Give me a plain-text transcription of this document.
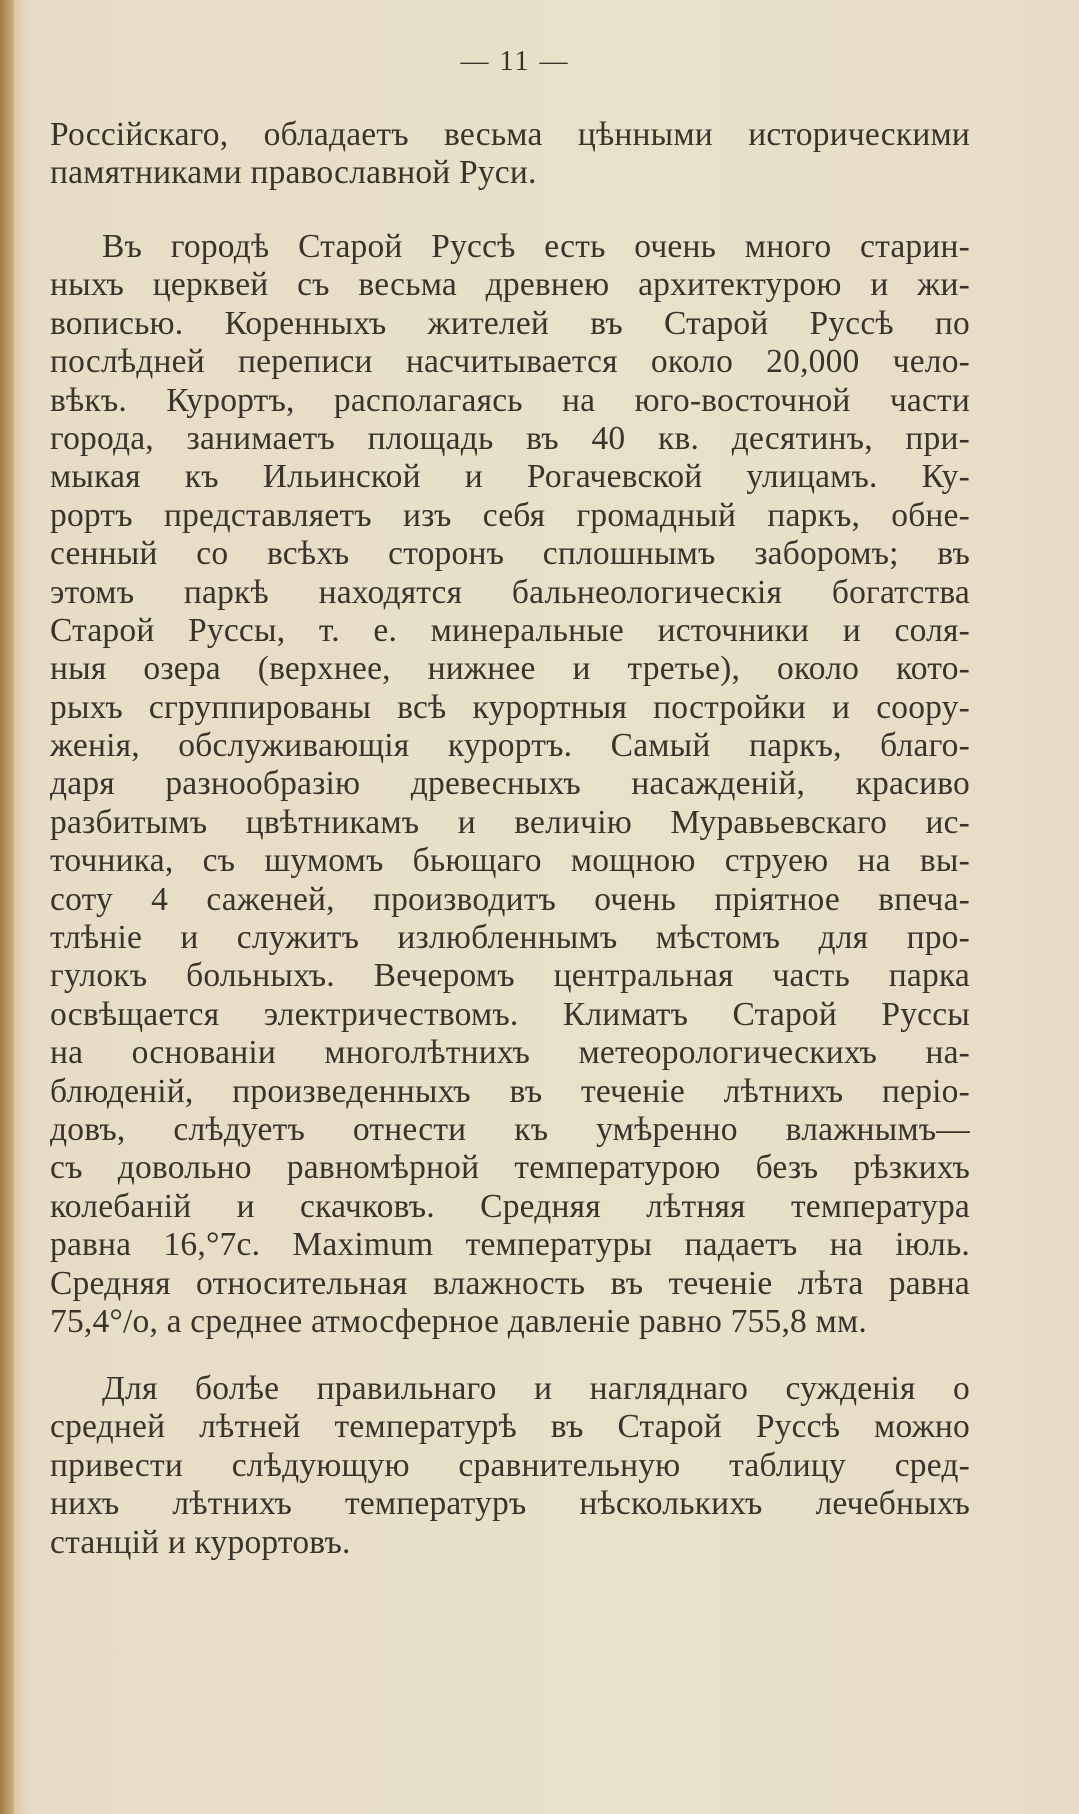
— 11 —
Россійскаго, обладаетъ весьма цѣнными историческими
памятниками православной Руси.
Въ городѣ Старой Руссѣ есть очень много старин-
ныхъ церквей съ весьма древнею архитектурою и жи-
вописью. Коренныхъ жителей въ Старой Руссѣ по
послѣдней переписи насчитывается около 20,000 чело-
вѣкъ. Курортъ, располагаясь на юго-восточной части
города, занимаетъ площадь въ 40 кв. десятинъ, при-
мыкая къ Ильинской и Рогачевской улицамъ. Ку-
рортъ представляетъ изъ себя громадный паркъ, обне-
сенный со всѣхъ сторонъ сплошнымъ заборомъ; въ
этомъ паркѣ находятся бальнеологическія богатства
Старой Руссы, т. е. минеральные источники и соля-
ныя озера (верхнее, нижнее и третье), около кото-
рыхъ сгруппированы всѣ курортныя постройки и соору-
женія, обслуживающія курортъ. Самый паркъ, благо-
даря разнообразію древесныхъ насажденій, красиво
разбитымъ цвѣтникамъ и величію Муравьевскаго ис-
точника, съ шумомъ бьющаго мощною струею на вы-
соту 4 саженей, производитъ очень пріятное впеча-
тлѣніе и служитъ излюбленнымъ мѣстомъ для про-
гулокъ больныхъ. Вечеромъ центральная часть парка
освѣщается электричествомъ. Климатъ Старой Руссы
на основаніи многолѣтнихъ метеорологическихъ на-
блюденій, произведенныхъ въ теченіе лѣтнихъ періо-
довъ, слѣдуетъ отнести къ умѣренно влажнымъ—
съ довольно равномѣрной температурою безъ рѣзкихъ
колебаній и скачковъ. Средняя лѣтняя температура
равна 16,°7с. Maximum температуры падаетъ на іюль.
Средняя относительная влажность въ теченіе лѣта равна
75,4°/о, а среднее атмосферное давленіе равно 755,8 мм.
Для болѣе правильнаго и нагляднаго сужденія о
средней лѣтней температурѣ въ Старой Руссѣ можно
привести слѣдующую сравнительную таблицу сред-
нихъ лѣтнихъ температуръ нѣсколькихъ лечебныхъ
станцій и курортовъ.
